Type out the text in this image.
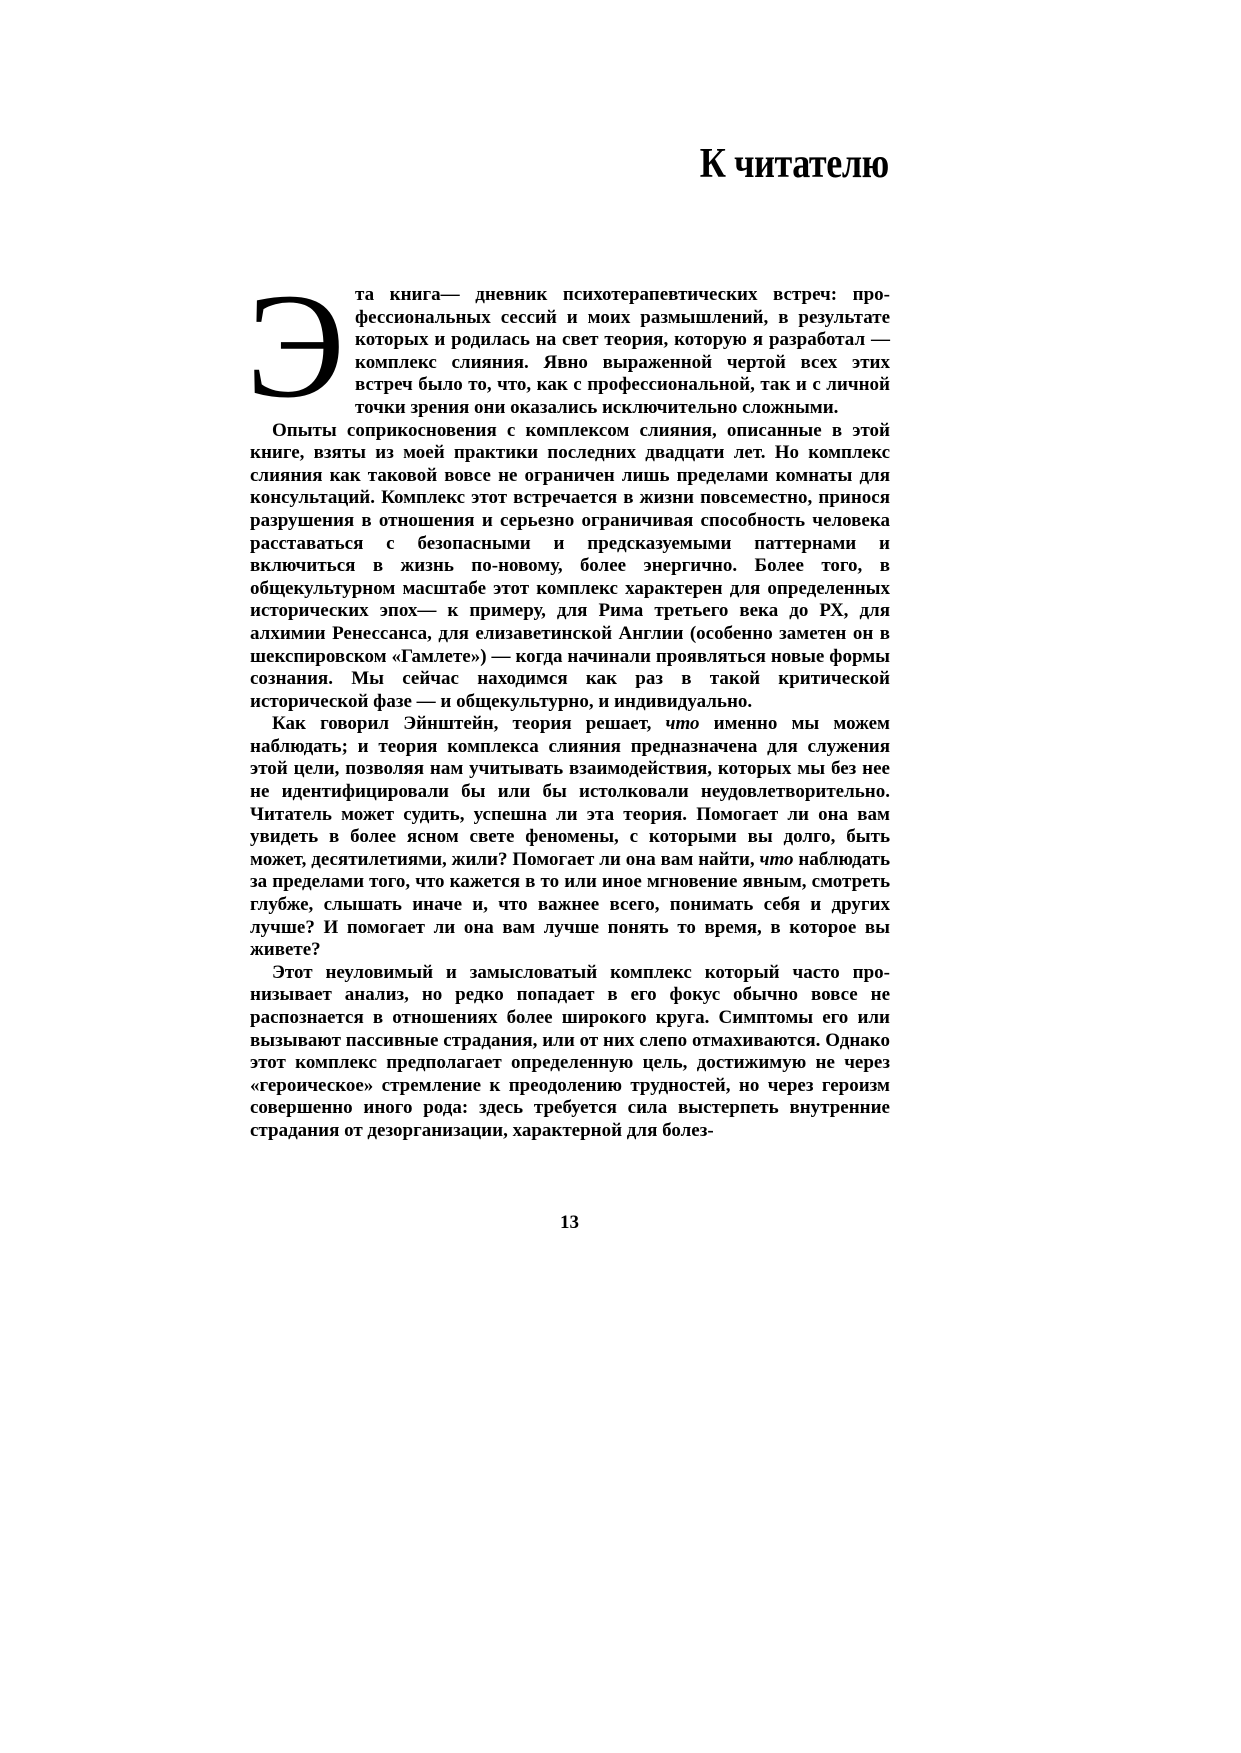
К читателю

Эта книга— дневник психотерапевтических встреч: профессиональных сессий и моих размышлений, в результате которых и родилась на свет теория, которую я разработал — комплекс слияния. Явно выраженной чертой всех этих встреч было то, что, как с профессиональной, так и с личной точки зрения они оказались исключительно сложными.

Опыты соприкосновения с комплексом слияния, описанные в этой книге, взяты из моей практики последних двадцати лет. Но комплекс слияния как таковой вовсе не ограничен лишь пределами комнаты для консультаций. Комплекс этот встречается в жизни повсеместно, принося разрушения в отношения и серьезно ограничивая способность человека расставаться с безопасными и предсказуемыми паттернами и включиться в жизнь по-новому, более энергично. Более того, в общекультурном масштабе этот комплекс характерен для определенных исторических эпох— к примеру, для Рима третьего века до РХ, для алхимии Ренессанса, для елизаветинской Англии (особенно заметен он в шекспировском «Гамлете») — когда начинали проявляться новые формы сознания. Мы сейчас находимся как раз в такой критической исторической фазе — и общекультурно, и индивидуально.

Как говорил Эйнштейн, теория решает, что именно мы можем наблюдать; и теория комплекса слияния предназначена для служения этой цели, позволяя нам учитывать взаимодействия, которых мы без нее не идентифицировали бы или бы истолковали неудовлетворительно. Читатель может судить, успешна ли эта теория. Помогает ли она вам увидеть в более ясном свете феномены, с которыми вы долго, быть может, десятилетиями, жили? Помогает ли она вам найти, что наблюдать за пределами того, что кажется в то или иное мгновение явным, смотреть глубже, слышать иначе и, что важнее всего, понимать себя и других лучше? И помогает ли она вам лучше понять то время, в которое вы живете?

Этот неуловимый и замысловатый комплекс который часто пронизывает анализ, но редко попадает в его фокус обычно вовсе не распознается в отношениях более широкого круга. Симптомы его или вызывают пассивные страдания, или от них слепо отмахиваются. Однако этот комплекс предполагает определенную цель, достижимую не через «героическое» стремление к преодолению трудностей, но через героизм совершенно иного рода: здесь требуется сила выстерпеть внутренние страдания от дезорганизации, характерной для болез-

13
